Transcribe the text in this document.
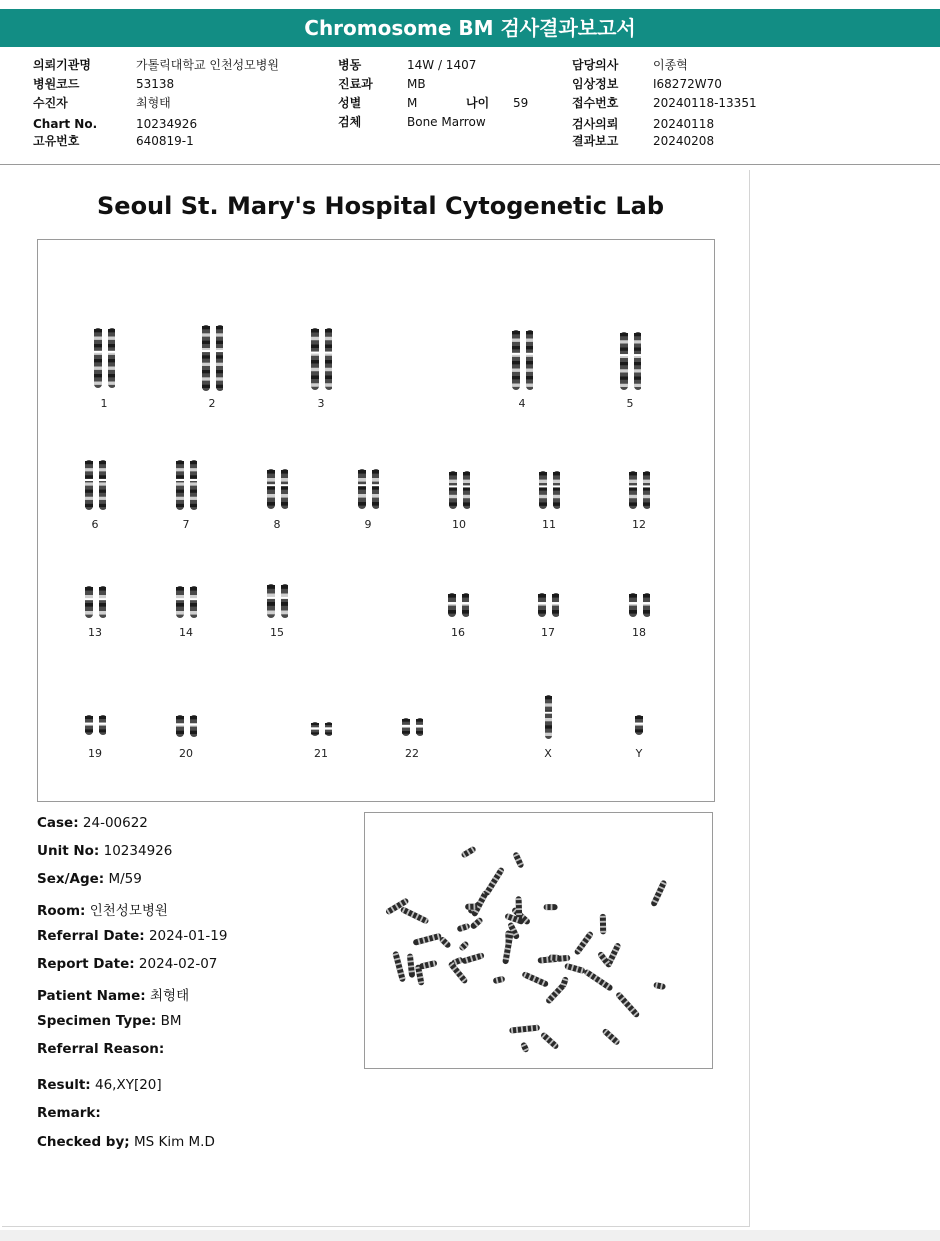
Chromosome BM 검사결과보고서
의뢰기관명	가톨릭대학교 인천성모병원
병원코드	53138
수진자	최형태
Chart No.	10234926
고유번호	640819-1
병동	14W / 1407
진료과	MB
성별	M	나이 59
검체	Bone Marrow
담당의사	이종혁
임상정보	I68272W70
접수번호	20240118-13351
검사의뢰	20240118
결과보고	20240208
Seoul St. Mary's Hospital Cytogenetic Lab
1	2	3	4	5
6	7	8	9	10	11	12
13	14	15	16	17	18
19	20	21	22	X	Y
Case: 24-00622
Unit No: 10234926
Sex/Age: M/59
Room: 인천성모병원
Referral Date: 2024-01-19
Report Date: 2024-02-07
Patient Name: 최형태
Specimen Type: BM
Referral Reason:
Result: 46,XY[20]
Remark:
Checked by; MS Kim M.D
